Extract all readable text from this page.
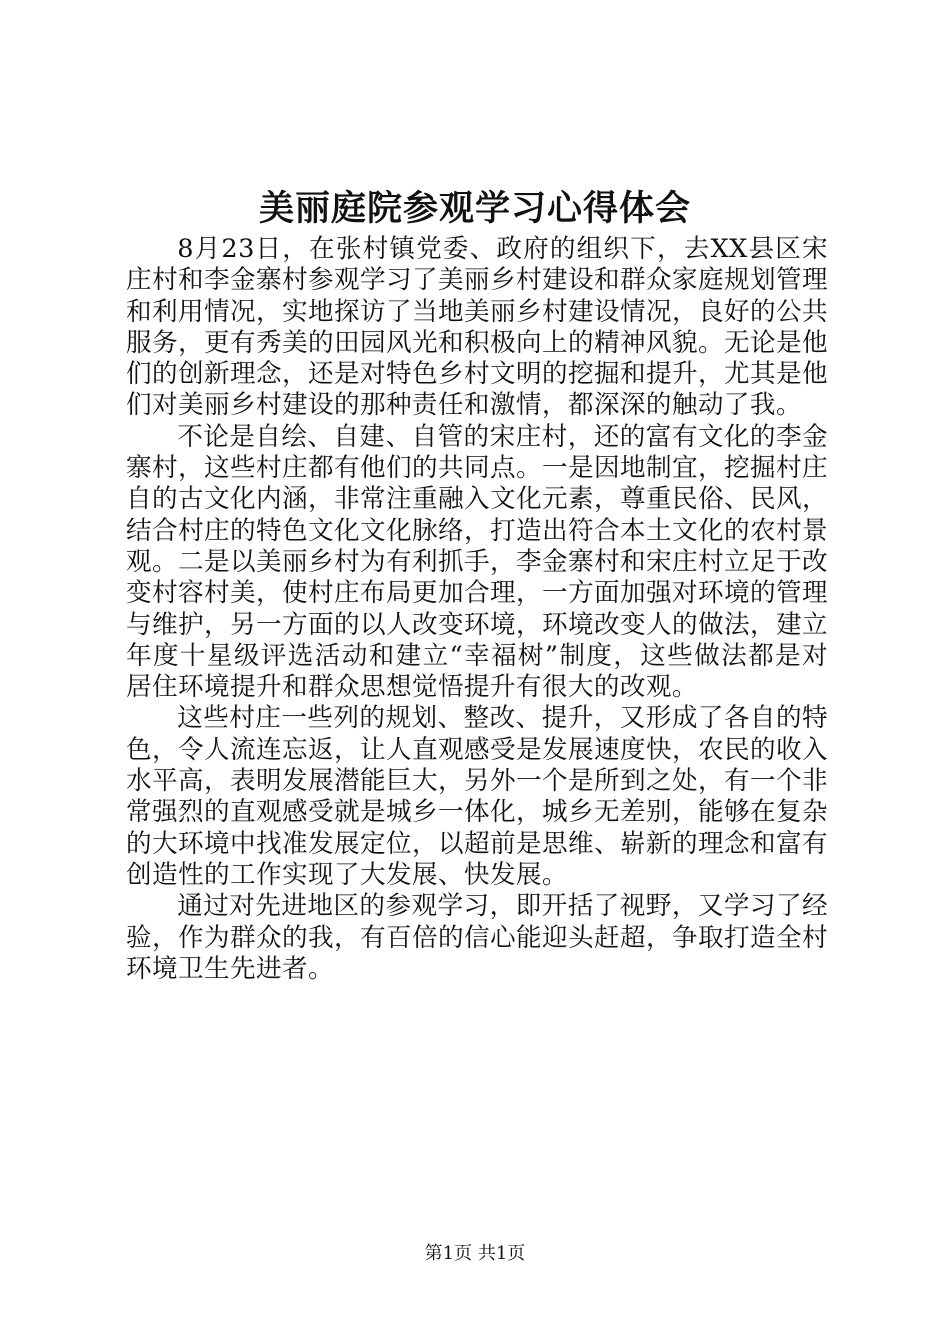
美丽庭院参观学习心得体会

8月23日，在张村镇党委、政府的组织下，去XX县区宋庄村和李金寨村参观学习了美丽乡村建设和群众家庭规划管理和利用情况，实地探访了当地美丽乡村建设情况，良好的公共服务，更有秀美的田园风光和积极向上的精神风貌。无论是他们的创新理念，还是对特色乡村文明的挖掘和提升，尤其是他们对美丽乡村建设的那种责任和激情，都深深的触动了我。

不论是自绘、自建、自管的宋庄村，还的富有文化的李金寨村，这些村庄都有他们的共同点。一是因地制宜，挖掘村庄自的古文化内涵，非常注重融入文化元素，尊重民俗、民风，结合村庄的特色文化文化脉络，打造出符合本土文化的农村景观。二是以美丽乡村为有利抓手，李金寨村和宋庄村立足于改变村容村美，使村庄布局更加合理，一方面加强对环境的管理与维护，另一方面的以人改变环境，环境改变人的做法，建立年度十星级评选活动和建立“幸福树”制度，这些做法都是对居住环境提升和群众思想觉悟提升有很大的改观。

这些村庄一些列的规划、整改、提升，又形成了各自的特色，令人流连忘返，让人直观感受是发展速度快，农民的收入水平高，表明发展潜能巨大，另外一个是所到之处，有一个非常强烈的直观感受就是城乡一体化，城乡无差别，能够在复杂的大环境中找准发展定位，以超前是思维、崭新的理念和富有创造性的工作实现了大发展、快发展。

通过对先进地区的参观学习，即开括了视野，又学习了经验，作为群众的我，有百倍的信心能迎头赶超，争取打造全村环境卫生先进者。

第1页 共1页
